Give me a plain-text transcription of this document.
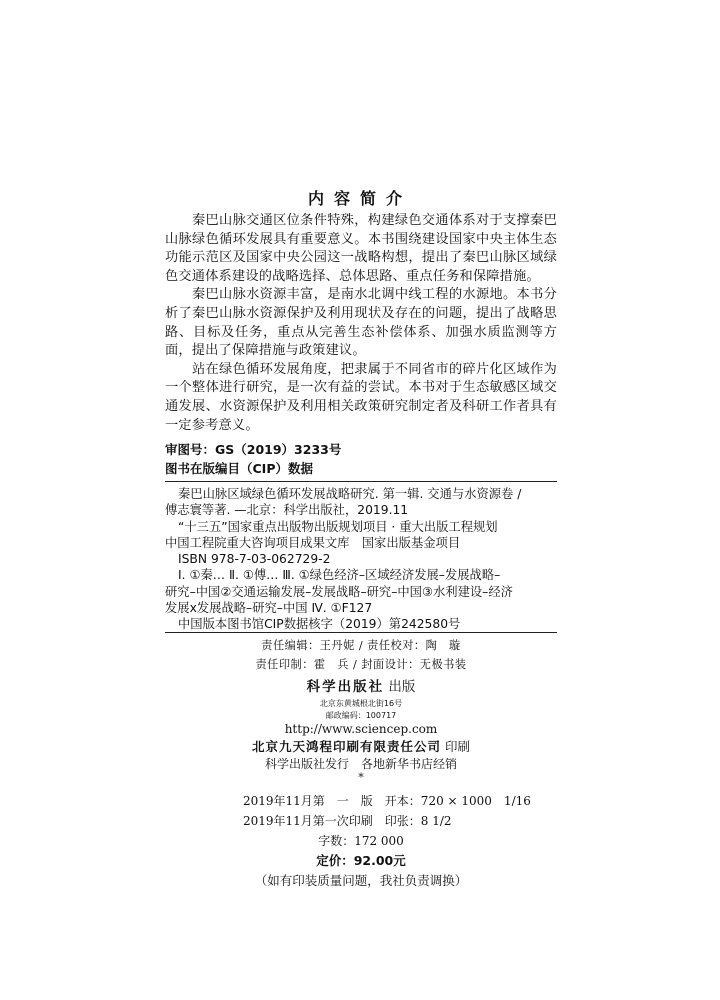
内容简介

秦巴山脉交通区位条件特殊，构建绿色交通体系对于支撑秦巴山脉绿色循环发展具有重要意义。本书围绕建设国家中央主体生态功能示范区及国家中央公园这一战略构想，提出了秦巴山脉区域绿色交通体系建设的战略选择、总体思路、重点任务和保障措施。

秦巴山脉水资源丰富，是南水北调中线工程的水源地。本书分析了秦巴山脉水资源保护及利用现状及存在的问题，提出了战略思路、目标及任务，重点从完善生态补偿体系、加强水质监测等方面，提出了保障措施与政策建议。

站在绿色循环发展角度，把隶属于不同省市的碎片化区域作为一个整体进行研究，是一次有益的尝试。本书对于生态敏感区域交通发展、水资源保护及利用相关政策研究制定者及科研工作者具有一定参考意义。

审图号：GS（2019）3233号
图书在版编目（CIP）数据
秦巴山脉区域绿色循环发展战略研究. 第一辑. 交通与水资源卷 /
傅志寰等著. —北京：科学出版社，2019.11
“十三五”国家重点出版物出版规划项目 · 重大出版工程规划
中国工程院重大咨询项目成果文库　国家出版基金项目
ISBN 978-7-03-062729-2
Ⅰ. ①秦… Ⅱ. ①傅… Ⅲ. ①绿色经济–区域经济发展–发展战略–
研究–中国②交通运输发展–发展战略–研究–中国③水利建设–经济
发展x发展战略–研究–中国 Ⅳ. ①F127
中国版本图书馆CIP数据核字（2019）第242580号
责任编辑：王丹妮 / 责任校对：陶　璇
责任印制：霍　兵 / 封面设计：无极书装
科学出版社 出版
北京东黄城根北街16号
邮政编码：100717
http://www.sciencep.com
北京九天鸿程印刷有限责任公司 印刷
科学出版社发行　各地新华书店经销
*
2019年11月第　一　版　开本：720 × 1000　1/16
2019年11月第一次印刷　印张：8 1/2
字数：172 000
定价：92.00元
（如有印装质量问题，我社负责调换）
